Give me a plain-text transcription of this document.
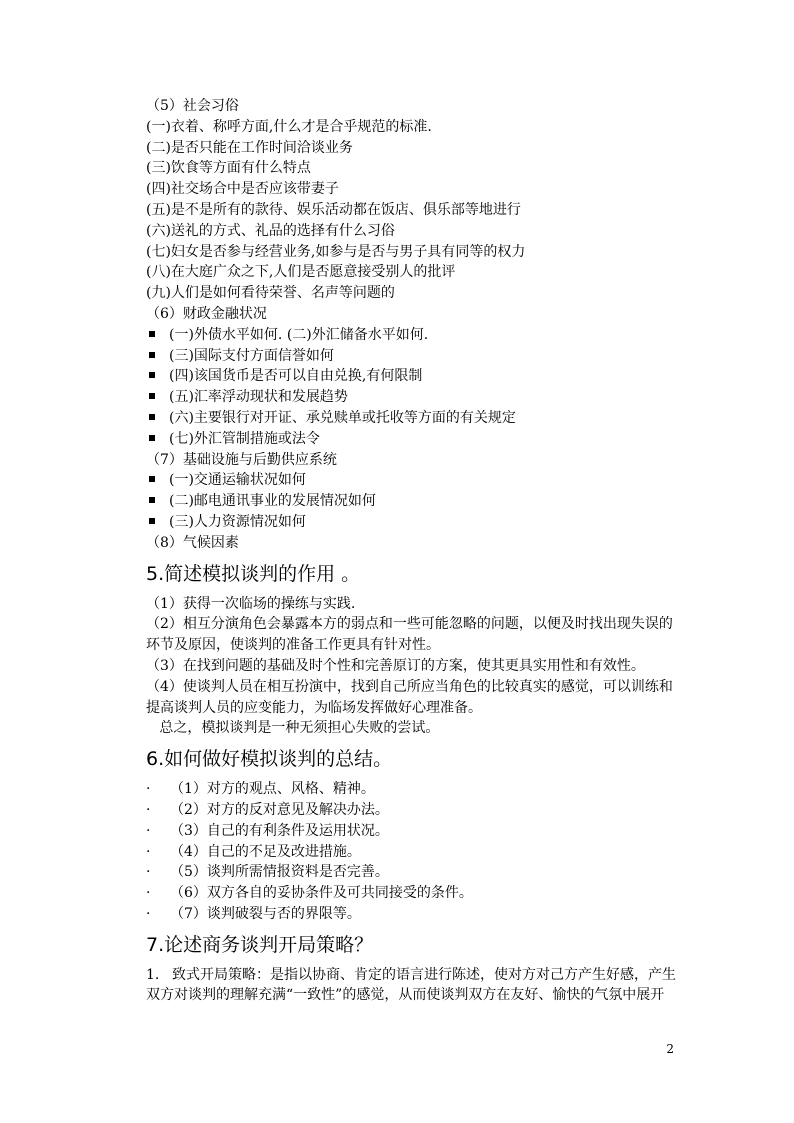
（5）社会习俗
(一)衣着、称呼方面,什么才是合乎规范的标准.
(二)是否只能在工作时间洽谈业务
(三)饮食等方面有什么特点
(四)社交场合中是否应该带妻子
(五)是不是所有的款待、娱乐活动都在饭店、俱乐部等地进行
(六)送礼的方式、礼品的选择有什么习俗
(七)妇女是否参与经营业务,如参与是否与男子具有同等的权力
(八)在大庭广众之下,人们是否愿意接受别人的批评
(九)人们是如何看待荣誉、名声等问题的
（6）财政金融状况
(一)外债水平如何. (二)外汇储备水平如何.
(三)国际支付方面信誉如何
(四)该国货币是否可以自由兑换,有何限制
(五)汇率浮动现状和发展趋势
(六)主要银行对开证、承兑赎单或托收等方面的有关规定
(七)外汇管制措施或法令
（7）基础设施与后勤供应系统
(一)交通运输状况如何
(二)邮电通讯事业的发展情况如何
(三)人力资源情况如何
（8）气候因素
5.简述模拟谈判的作用 。
（1）获得一次临场的操练与实践.
（2）相互分演角色会暴露本方的弱点和一些可能忽略的问题，以便及时找出现失误的环节及原因，使谈判的准备工作更具有针对性。
（3）在找到问题的基础及时个性和完善原订的方案，使其更具实用性和有效性。
（4）使谈判人员在相互扮演中，找到自己所应当角色的比较真实的感觉，可以训练和提高谈判人员的应变能力，为临场发挥做好心理准备。
总之，模拟谈判是一种无须担心失败的尝试。
6.如何做好模拟谈判的总结。
· （1）对方的观点、风格、精神。
· （2）对方的反对意见及解决办法。
· （3）自己的有利条件及运用状况。
· （4）自己的不足及改进措施。
· （5）谈判所需情报资料是否完善。
· （6）双方各自的妥协条件及可共同接受的条件。
· （7）谈判破裂与否的界限等。
7.论述商务谈判开局策略？
1. 致式开局策略：是指以协商、肯定的语言进行陈述，使对方对己方产生好感，产生双方对谈判的理解充满“一致性”的感觉，从而使谈判双方在友好、愉快的气氛中展开
2
